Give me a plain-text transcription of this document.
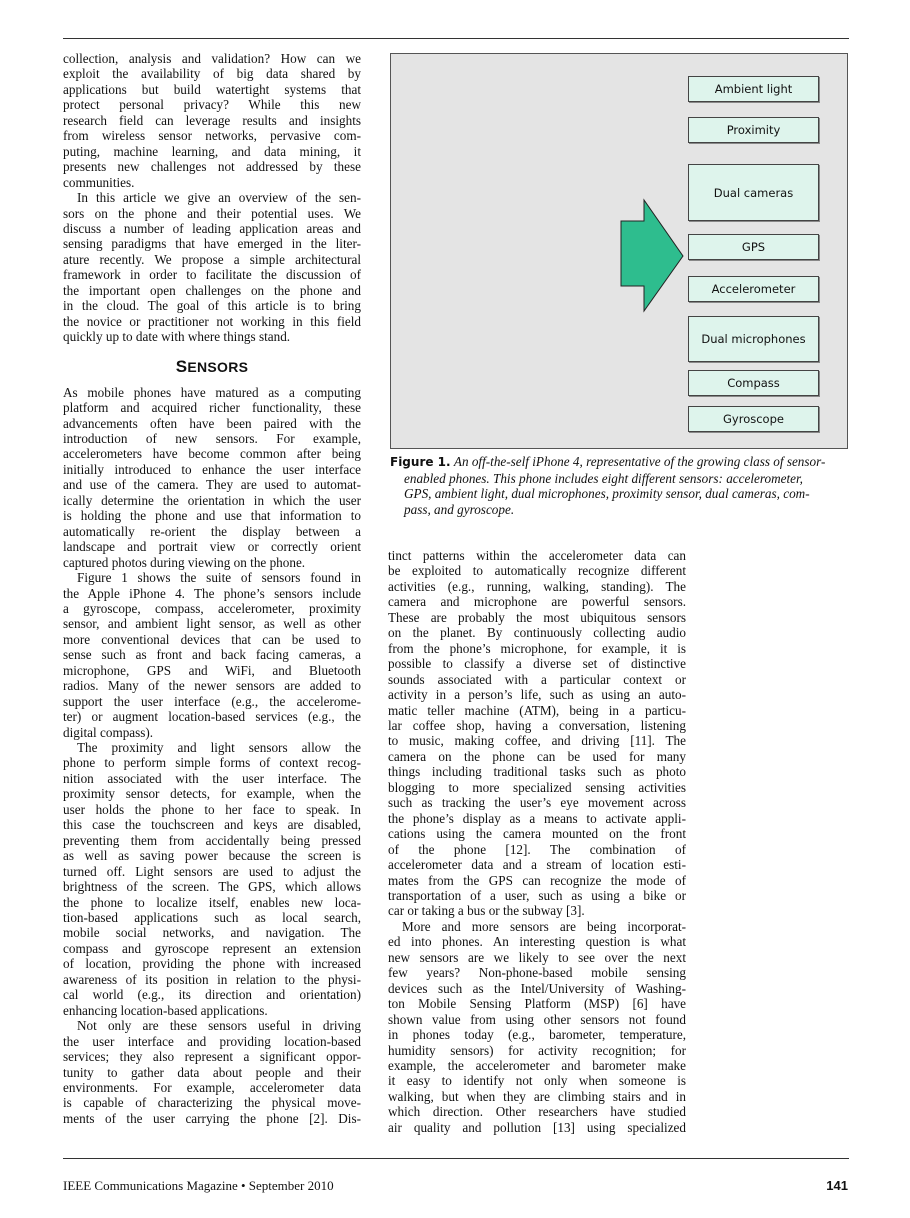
collection, analysis and validation? How can we
exploit the availability of big data shared by
applications but build watertight systems that
protect personal privacy? While this new
research field can leverage results and insights
from wireless sensor networks, pervasive com-
puting, machine learning, and data mining, it
presents new challenges not addressed by these
communities.
In this article we give an overview of the sen-
sors on the phone and their potential uses. We
discuss a number of leading application areas and
sensing paradigms that have emerged in the liter-
ature recently. We propose a simple architectural
framework in order to facilitate the discussion of
the important open challenges on the phone and
in the cloud. The goal of this article is to bring
the novice or practitioner not working in this field
quickly up to date with where things stand.
SENSORS
As mobile phones have matured as a computing
platform and acquired richer functionality, these
advancements often have been paired with the
introduction of new sensors. For example,
accelerometers have become common after being
initially introduced to enhance the user interface
and use of the camera. They are used to automat-
ically determine the orientation in which the user
is holding the phone and use that information to
automatically re-orient the display between a
landscape and portrait view or correctly orient
captured photos during viewing on the phone.
Figure 1 shows the suite of sensors found in
the Apple iPhone 4. The phone’s sensors include
a gyroscope, compass, accelerometer, proximity
sensor, and ambient light sensor, as well as other
more conventional devices that can be used to
sense such as front and back facing cameras, a
microphone, GPS and WiFi, and Bluetooth
radios. Many of the newer sensors are added to
support the user interface (e.g., the accelerome-
ter) or augment location-based services (e.g., the
digital compass).
The proximity and light sensors allow the
phone to perform simple forms of context recog-
nition associated with the user interface. The
proximity sensor detects, for example, when the
user holds the phone to her face to speak. In
this case the touchscreen and keys are disabled,
preventing them from accidentally being pressed
as well as saving power because the screen is
turned off. Light sensors are used to adjust the
brightness of the screen. The GPS, which allows
the phone to localize itself, enables new loca-
tion-based applications such as local search,
mobile social networks, and navigation. The
compass and gyroscope represent an extension
of location, providing the phone with increased
awareness of its position in relation to the physi-
cal world (e.g., its direction and orientation)
enhancing location-based applications.
Not only are these sensors useful in driving
the user interface and providing location-based
services; they also represent a significant oppor-
tunity to gather data about people and their
environments. For example, accelerometer data
is capable of characterizing the physical move-
ments of the user carrying the phone [2]. Dis-
Ambient light
Proximity
Dual cameras
GPS
Accelerometer
Dual microphones
Compass
Gyroscope
Figure 1. An off-the-self iPhone 4, representative of the growing class of sensor-
enabled phones. This phone includes eight different sensors: accelerometer,
GPS, ambient light, dual microphones, proximity sensor, dual cameras, com-
pass, and gyroscope.
tinct patterns within the accelerometer data can
be exploited to automatically recognize different
activities (e.g., running, walking, standing). The
camera and microphone are powerful sensors.
These are probably the most ubiquitous sensors
on the planet. By continuously collecting audio
from the phone’s microphone, for example, it is
possible to classify a diverse set of distinctive
sounds associated with a particular context or
activity in a person’s life, such as using an auto-
matic teller machine (ATM), being in a particu-
lar coffee shop, having a conversation, listening
to music, making coffee, and driving [11]. The
camera on the phone can be used for many
things including traditional tasks such as photo
blogging to more specialized sensing activities
such as tracking the user’s eye movement across
the phone’s display as a means to activate appli-
cations using the camera mounted on the front
of the phone [12]. The combination of
accelerometer data and a stream of location esti-
mates from the GPS can recognize the mode of
transportation of a user, such as using a bike or
car or taking a bus or the subway [3].
More and more sensors are being incorporat-
ed into phones. An interesting question is what
new sensors are we likely to see over the next
few years? Non-phone-based mobile sensing
devices such as the Intel/University of Washing-
ton Mobile Sensing Platform (MSP) [6] have
shown value from using other sensors not found
in phones today (e.g., barometer, temperature,
humidity sensors) for activity recognition; for
example, the accelerometer and barometer make
it easy to identify not only when someone is
walking, but when they are climbing stairs and in
which direction. Other researchers have studied
air quality and pollution [13] using specialized
IEEE Communications Magazine • September 2010	141
